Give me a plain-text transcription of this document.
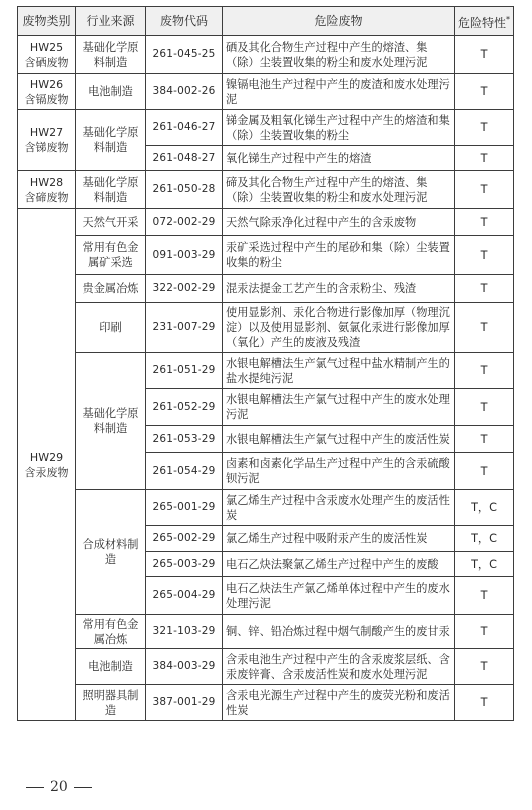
废物类别	行业来源	废物代码	危险废物	危险特性*

HW25
含硒废物	基础化学原料制造	261-045-25	硒及其化合物生产过程中产生的熔渣、集（除）尘装置收集的粉尘和废水处理污泥	T

HW26
含镉废物	电池制造	384-002-26	镍镉电池生产过程中产生的废渣和废水处理污泥	T

HW27
含锑废物	基础化学原料制造	261-046-27	锑金属及粗氧化锑生产过程中产生的熔渣和集（除）尘装置收集的粉尘	T
		261-048-27	氧化锑生产过程中产生的熔渣	T

HW28
含碲废物	基础化学原料制造	261-050-28	碲及其化合物生产过程中产生的熔渣、集（除）尘装置收集的粉尘和废水处理污泥	T

HW29
含汞废物	天然气开采	072-002-29	天然气除汞净化过程中产生的含汞废物	T
	常用有色金属矿采选	091-003-29	汞矿采选过程中产生的尾砂和集（除）尘装置收集的粉尘	T
	贵金属冶炼	322-002-29	混汞法提金工艺产生的含汞粉尘、残渣	T
	印刷	231-007-29	使用显影剂、汞化合物进行影像加厚（物理沉淀）以及使用显影剂、氨氯化汞进行影像加厚（氧化）产生的废液及残渣	T
	基础化学原料制造	261-051-29	水银电解槽法生产氯气过程中盐水精制产生的盐水提纯污泥	T
		261-052-29	水银电解槽法生产氯气过程中产生的废水处理污泥	T
		261-053-29	水银电解槽法生产氯气过程中产生的废活性炭	T
		261-054-29	卤素和卤素化学品生产过程中产生的含汞硫酸钡污泥	T
	合成材料制造	265-001-29	氯乙烯生产过程中含汞废水处理产生的废活性炭	T，C
		265-002-29	氯乙烯生产过程中吸附汞产生的废活性炭	T，C
		265-003-29	电石乙炔法聚氯乙烯生产过程中产生的废酸	T，C
		265-004-29	电石乙炔法生产氯乙烯单体过程中产生的废水处理污泥	T
	常用有色金属冶炼	321-103-29	铜、锌、铅冶炼过程中烟气制酸产生的废甘汞	T
	电池制造	384-003-29	含汞电池生产过程中产生的含汞废浆层纸、含汞废锌膏、含汞废活性炭和废水处理污泥	T
	照明器具制造	387-001-29	含汞电光源生产过程中产生的废荧光粉和废活性炭	T
20
